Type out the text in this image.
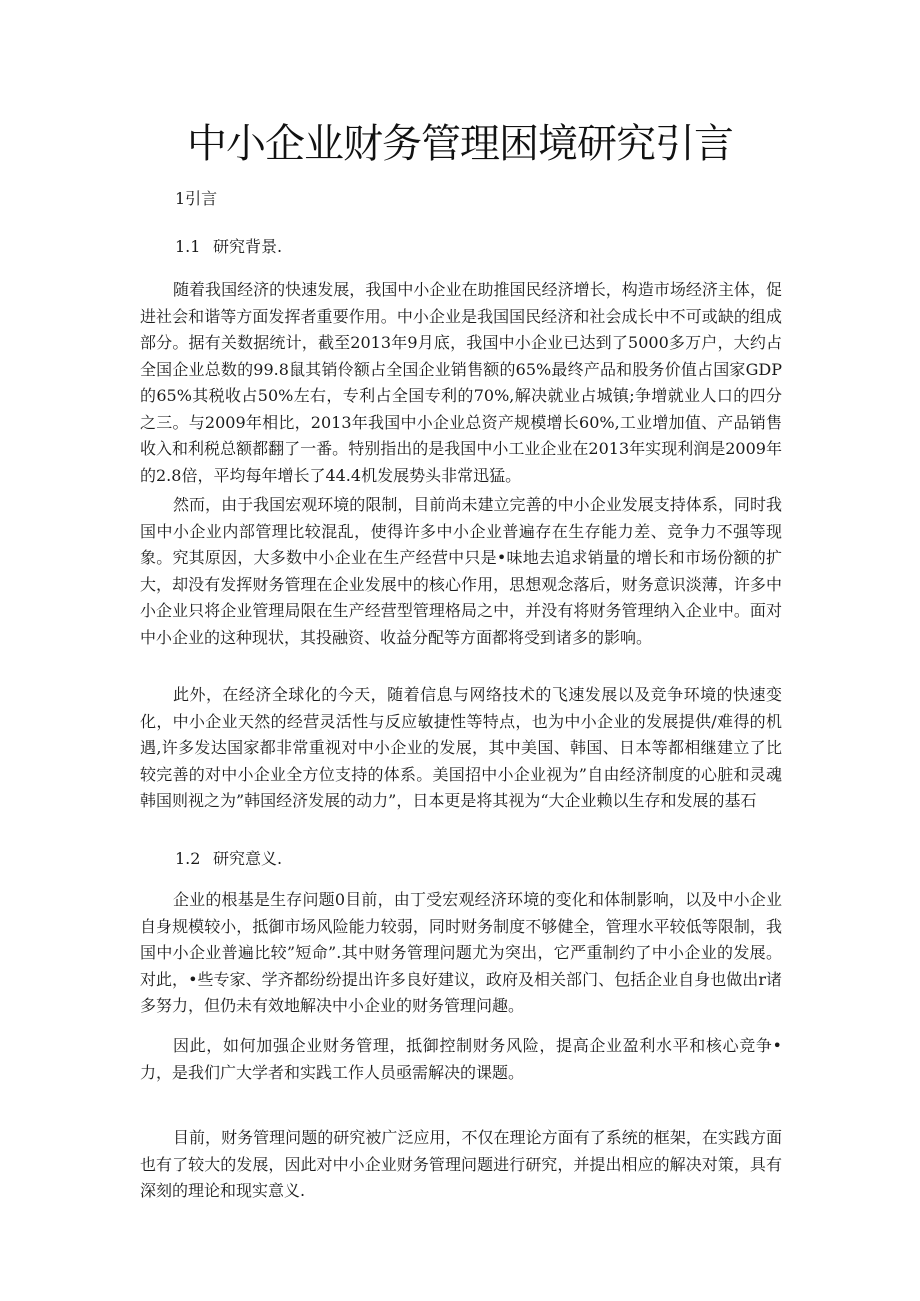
中小企业财务管理困境研究引言
1引言
1.1 研究背景.

随着我国经济的快速发展，我国中小企业在助推国民经济增长，构造市场经济主体，促进社会和谐等方面发挥者重要作用。中小企业是我国国民经济和社会成长中不可或缺的组成部分。据有关数据统计，截至2013年9月底，我国中小企业已达到了5000多万户，大约占全国企业总数的99.8鼠其销伶额占全国企业销售额的65%最终产品和股务价值占国家GDP的65%其税收占50%左右，专利占全国专利的70%,解决就业占城镇;争增就业人口的四分之三。与2009年相比，2013年我国中小企业总资产规模增长60%,工业增加值、产品销售收入和利税总额都翻了一番。特别指出的是我国中小工业企业在2013年实现利润是2009年的2.8倍，平均每年增长了44.4机发展势头非常迅猛。

然而，由于我国宏观环境的限制，目前尚未建立完善的中小企业发展支持体系，同时我国中小企业内部管理比较混乱，使得许多中小企业普遍存在生存能力差、竞争力不强等现象。究其原因，大多数中小企业在生产经营中只是•味地去追求销量的增长和市场份额的扩大，却没有发挥财务管理在企业发展中的核心作用，思想观念落后，财务意识淡薄，许多中小企业只将企业管理局限在生产经营型管理格局之中，并没有将财务管理纳入企业中。面对中小企业的这种现状，其投融资、收益分配等方面都将受到诸多的影响。

此外，在经济全球化的今天，随着信息与网络技术的飞速发展以及竞争环境的快速变化，中小企业天然的经营灵活性与反应敏捷性等特点，也为中小企业的发展提供/难得的机遇,许多发达国家都非常重视对中小企业的发展，其中美国、韩国、日本等都相继建立了比较完善的对中小企业全方位支持的体系。美国招中小企业视为”自由经济制度的心脏和灵魂韩国则视之为”韩国经济发展的动力”，日本更是将其视为“大企业赖以生存和发展的基石

1.2 研究意义.

企业的根基是生存问题0目前，由丁受宏观经济环境的变化和体制影响，以及中小企业自身规模较小，抵御市场风险能力较弱，同时财务制度不够健全，管理水平较低等限制，我国中小企业普遍比较”短命”.其中财务管理问题尤为突出，它严重制约了中小企业的发展。对此，•些专家、学齐都纷纷提出许多良好建议，政府及相关部门、包括企业自身也做出r诸多努力，但仍未有效地解决中小企业的财务管理问趣。

因此，如何加强企业财务管理，抵御控制财务风险，提高企业盈利水平和核心竞争•力，是我们广大学者和实践工作人员亟需解决的课题。

目前，财务管理问题的研究被广泛应用，不仅在理论方面有了系统的框架，在实践方面也有了较大的发展，因此对中小企业财务管理问题进行研究，并提出相应的解决对策，具有深刻的理论和现实意义.
